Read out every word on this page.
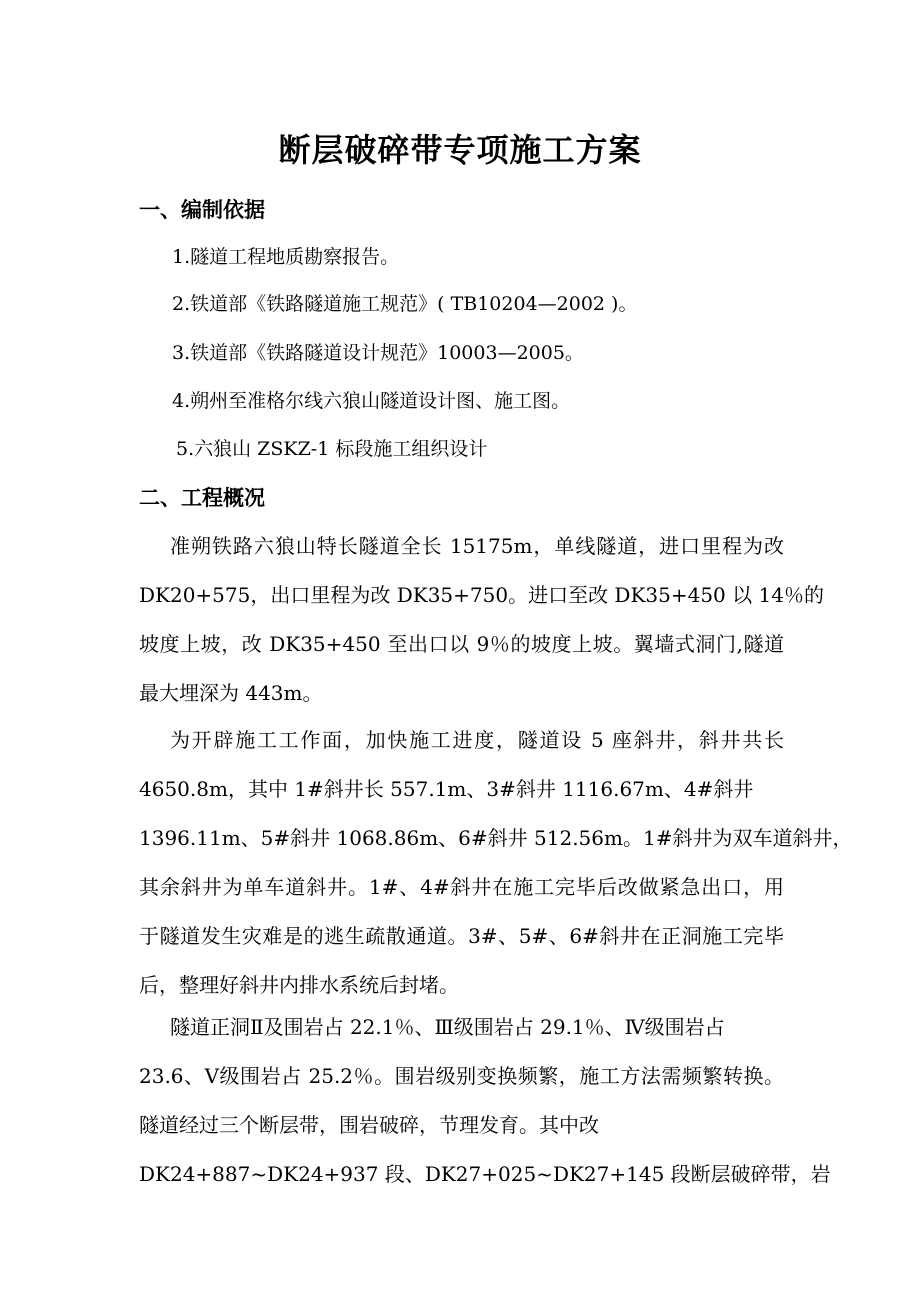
断层破碎带专项施工方案
一、编制依据
1.隧道工程地质勘察报告。
2.铁道部《铁路隧道施工规范》( TB10204—2002 )。
3.铁道部《铁路隧道设计规范》10003—2005。
4.朔州至准格尔线六狼山隧道设计图、施工图。
5.六狼山 ZSKZ-1 标段施工组织设计
二、工程概况
准朔铁路六狼山特长隧道全长 15175m，单线隧道，进口里程为改
DK20+575，出口里程为改 DK35+750。进口至改 DK35+450 以 14％的
坡度上坡，改 DK35+450 至出口以 9％的坡度上坡。翼墙式洞门,隧道
最大埋深为 443m。
为开辟施工工作面，加快施工进度，隧道设 5 座斜井，斜井共长
4650.8m，其中 1#斜井长 557.1m、3#斜井 1116.67m、4#斜井
1396.11m、5#斜井 1068.86m、6#斜井 512.56m。1#斜井为双车道斜井，
其余斜井为单车道斜井。1#、4#斜井在施工完毕后改做紧急出口，用
于隧道发生灾难是的逃生疏散通道。3#、5#、6#斜井在正洞施工完毕
后，整理好斜井内排水系统后封堵。
隧道正洞Ⅱ及围岩占 22.1％、Ⅲ级围岩占 29.1％、Ⅳ级围岩占
23.6、Ⅴ级围岩占 25.2％。围岩级别变换频繁，施工方法需频繁转换。
隧道经过三个断层带，围岩破碎，节理发育。其中改
DK24+887~DK24+937 段、DK27+025~DK27+145 段断层破碎带，岩
